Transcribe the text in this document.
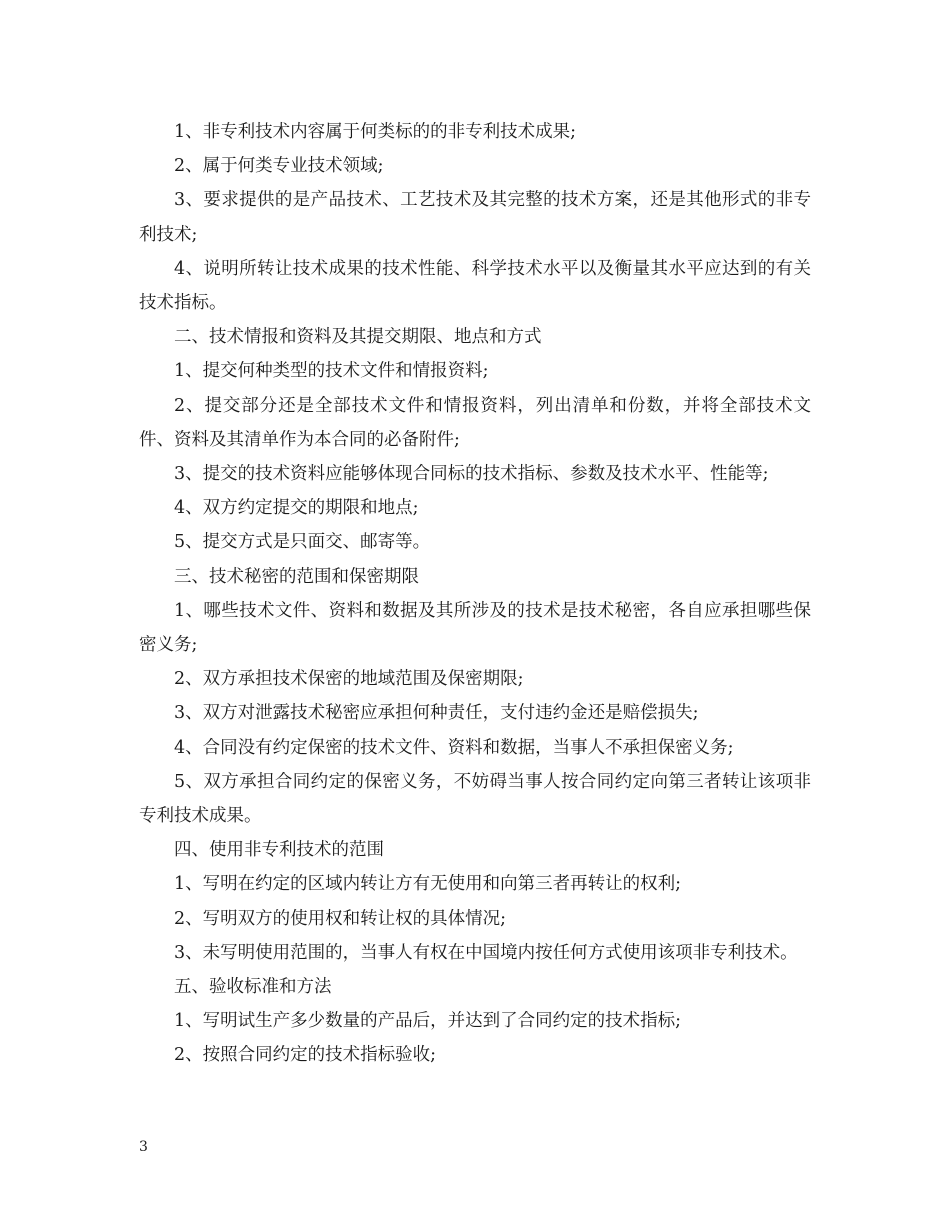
1、非专利技术内容属于何类标的的非专利技术成果;

2、属于何类专业技术领域;

3、要求提供的是产品技术、工艺技术及其完整的技术方案，还是其他形式的非专利技术;

4、说明所转让技术成果的技术性能、科学技术水平以及衡量其水平应达到的有关技术指标。

二、技术情报和资料及其提交期限、地点和方式

1、提交何种类型的技术文件和情报资料;

2、提交部分还是全部技术文件和情报资料，列出清单和份数，并将全部技术文件、资料及其清单作为本合同的必备附件;

3、提交的技术资料应能够体现合同标的技术指标、参数及技术水平、性能等;

4、双方约定提交的期限和地点;

5、提交方式是只面交、邮寄等。

三、技术秘密的范围和保密期限

1、哪些技术文件、资料和数据及其所涉及的技术是技术秘密，各自应承担哪些保密义务;

2、双方承担技术保密的地域范围及保密期限;

3、双方对泄露技术秘密应承担何种责任，支付违约金还是赔偿损失;

4、合同没有约定保密的技术文件、资料和数据，当事人不承担保密义务;

5、双方承担合同约定的保密义务，不妨碍当事人按合同约定向第三者转让该项非专利技术成果。

四、使用非专利技术的范围

1、写明在约定的区域内转让方有无使用和向第三者再转让的权利;

2、写明双方的使用权和转让权的具体情况;

3、未写明使用范围的，当事人有权在中国境内按任何方式使用该项非专利技术。

五、验收标准和方法

1、写明试生产多少数量的产品后，并达到了合同约定的技术指标;

2、按照合同约定的技术指标验收;

3
